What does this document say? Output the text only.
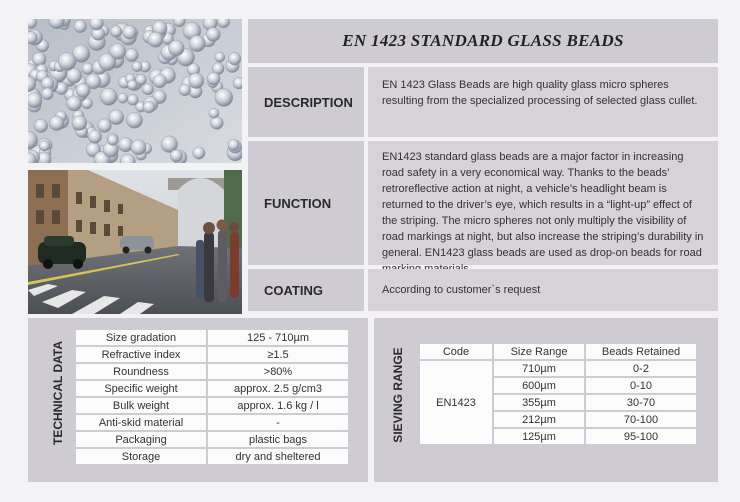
EN 1423 STANDARD GLASS BEADS
DESCRIPTION
EN 1423 Glass Beads are high quality glass micro spheres resulting from the specialized processing of selected glass cullet.
FUNCTION
EN1423 standard glass beads are a major factor in increasing road safety in a very economical way. Thanks to the beads’ retroreflective action at night, a vehicle’s headlight beam is returned to the driver’s eye, which results in a “light-up” effect of the striping. The micro spheres not only multiply the visibility of road markings at night, but also increase the striping’s durability in general. EN1423 glass beads are used as drop-on beads for road
COATING	According to customer`s request
TECHNICAL DATA
Size gradation	125 - 710µm
Refractive index	≥1.5
Roundness	>80%
Specific weight	approx. 2.5 g/cm3
Bulk weight	approx. 1.6 kg / l
Anti-skid material	-
Packaging	plastic bags
Storage	dry and sheltered
SIEVING RANGE	Code	Size Range	Beads Retained
EN1423	710µm	0-2
	600µm	0-10
	355µm	30-70
	212µm	70-100
	125µm	95-100
